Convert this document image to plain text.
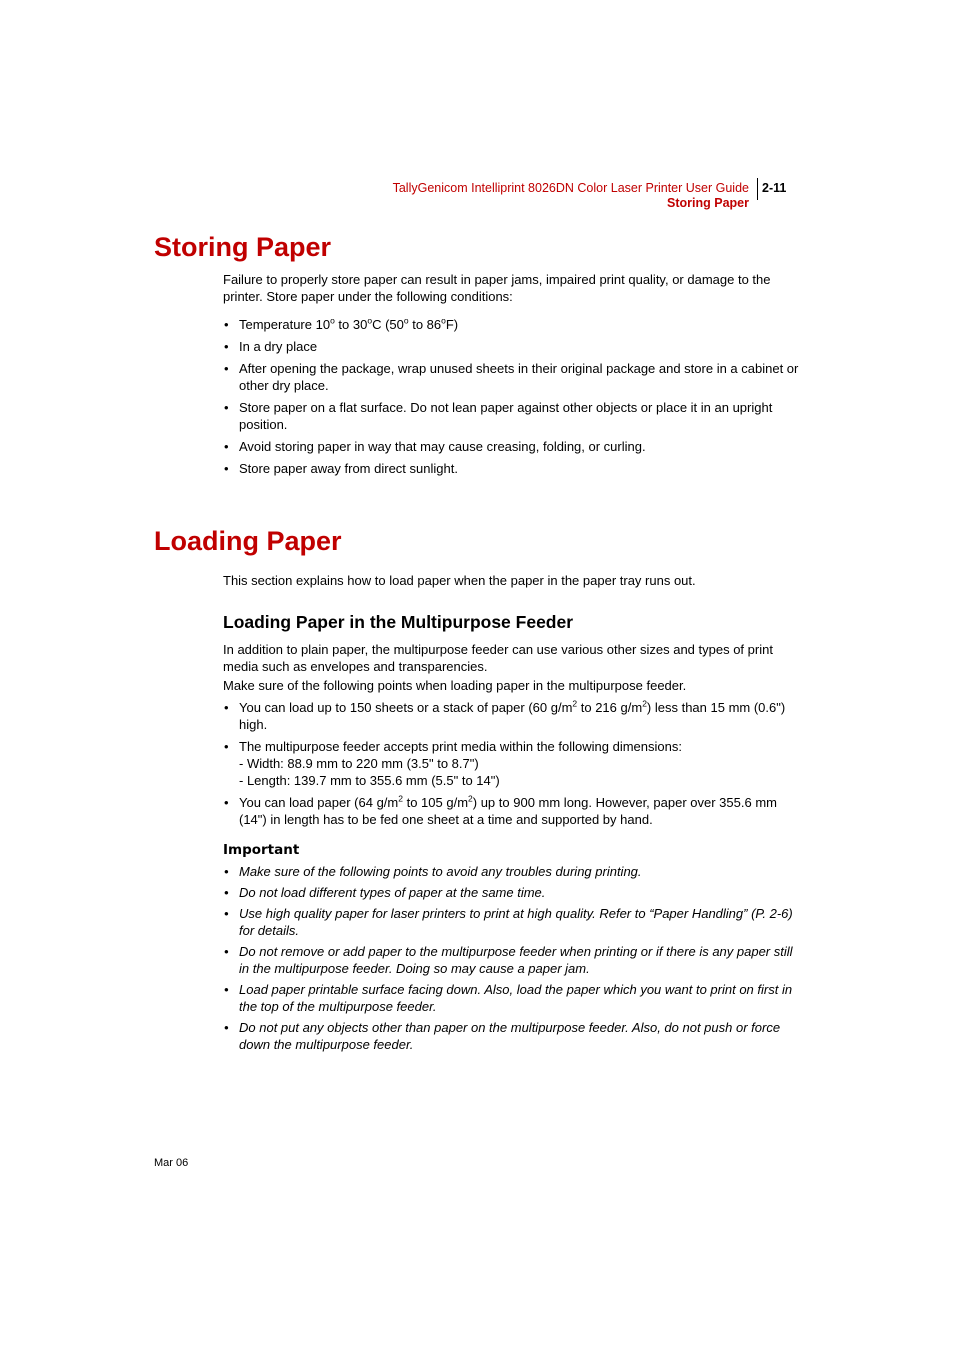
TallyGenicom Intelliprint 8026DN Color Laser Printer User Guide
Storing Paper
2-11
Storing Paper
Failure to properly store paper can result in paper jams, impaired print quality, or damage to the printer. Store paper under the following conditions:
• Temperature 10$^o$ to 30$^o$C (50$^o$ to 86$^o$F)
• In a dry place
• After opening the package, wrap unused sheets in their original package and store in a cabinet or other dry place.
• Store paper on a flat surface. Do not lean paper against other objects or place it in an upright position.
• Avoid storing paper in way that may cause creasing, folding, or curling.
• Store paper away from direct sunlight.
Loading Paper
This section explains how to load paper when the paper in the paper tray runs out.
Loading Paper in the Multipurpose Feeder
In addition to plain paper, the multipurpose feeder can use various other sizes and types of print media such as envelopes and transparencies.
Make sure of the following points when loading paper in the multipurpose feeder.
• You can load up to 150 sheets or a stack of paper (60 $g/m^2$ to 216 $g/m^2$) less than 15 mm (0.6") high.
• The multipurpose feeder accepts print media within the following dimensions:
- Width: 88.9 mm to 220 mm (3.5" to 8.7")
- Length: 139.7 mm to 355.6 mm (5.5" to 14")
• You can load paper (64 $g/m^2$ to 105 $g/m^2$) up to 900 mm long. However, paper over 355.6 mm (14") in length has to be fed one sheet at a time and supported by hand.
Important
• Make sure of the following points to avoid any troubles during printing.
• Do not load different types of paper at the same time.
• Use high quality paper for laser printers to print at high quality. Refer to “Paper Handling” (P. 2-6) for details.
• Do not remove or add paper to the multipurpose feeder when printing or if there is any paper still in the multipurpose feeder. Doing so may cause a paper jam.
• Load paper printable surface facing down. Also, load the paper which you want to print on first in the top of the multipurpose feeder.
• Do not put any objects other than paper on the multipurpose feeder. Also, do not push or force down the multipurpose feeder.
Mar 06
